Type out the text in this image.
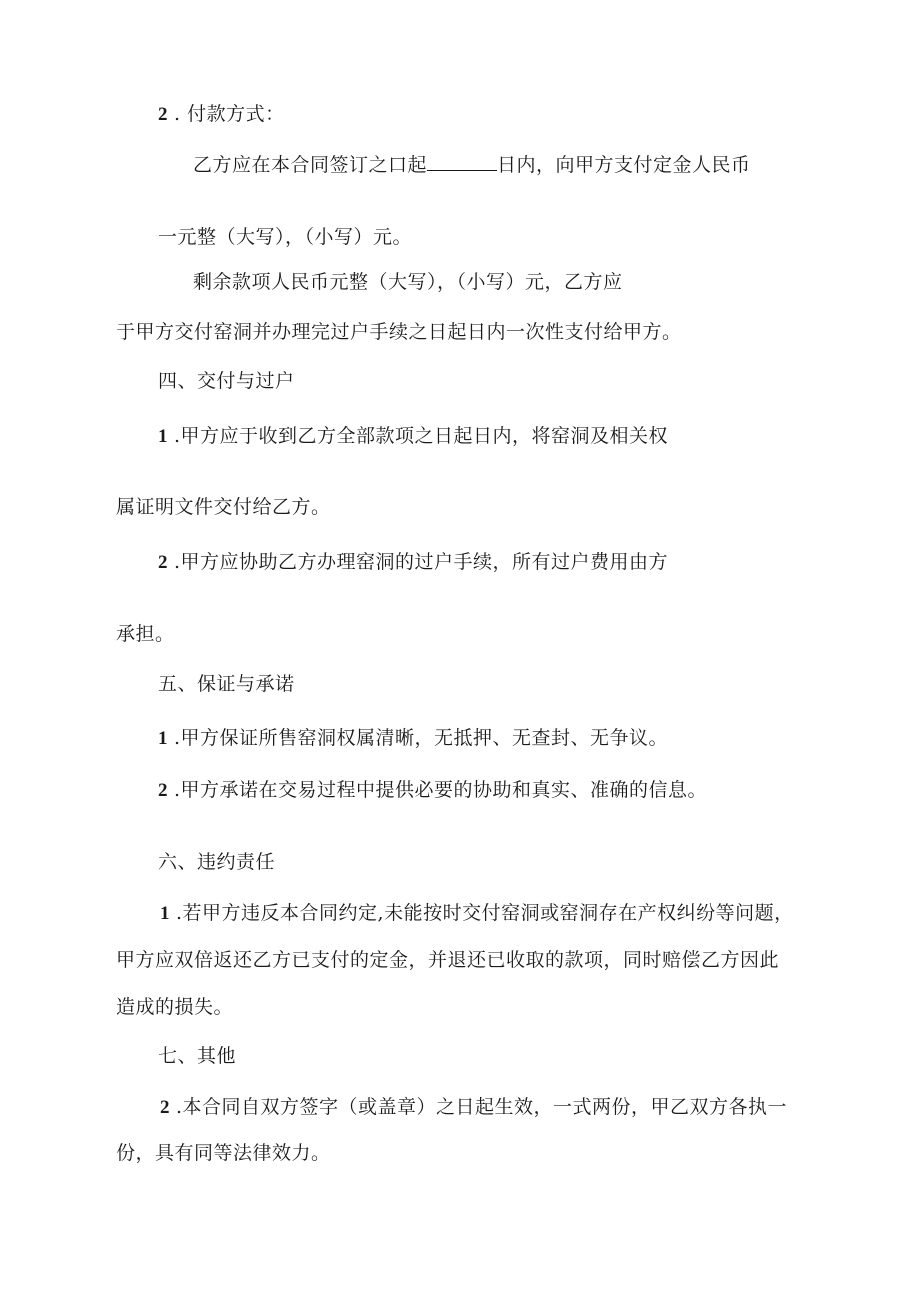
2 . 付款方式：
乙方应在本合同签订之口起	日内，向甲方支付定金人民币
一元整（大写），（小写）元。
剩余款项人民币元整（大写），（小写）元，乙方应
于甲方交付窑洞并办理完过户手续之日起日内一次性支付给甲方。
四、交付与过户
1 .甲方应于收到乙方全部款项之日起日内，将窑洞及相关权
属证明文件交付给乙方。
2 .甲方应协助乙方办理窑洞的过户手续，所有过户费用由方
承担。
五、保证与承诺
1 .甲方保证所售窑洞权属清晰，无抵押、无查封、无争议。
2 .甲方承诺在交易过程中提供必要的协助和真实、准确的信息。
六、违约责任
1 .若甲方违反本合同约定,未能按时交付窑洞或窑洞存在产权纠纷等问题，
甲方应双倍返还乙方已支付的定金，并退还已收取的款项，同时赔偿乙方因此
造成的损失。
七、其他
2 .本合同自双方签字（或盖章）之日起生效，一式两份，甲乙双方各执一
份，具有同等法律效力。
